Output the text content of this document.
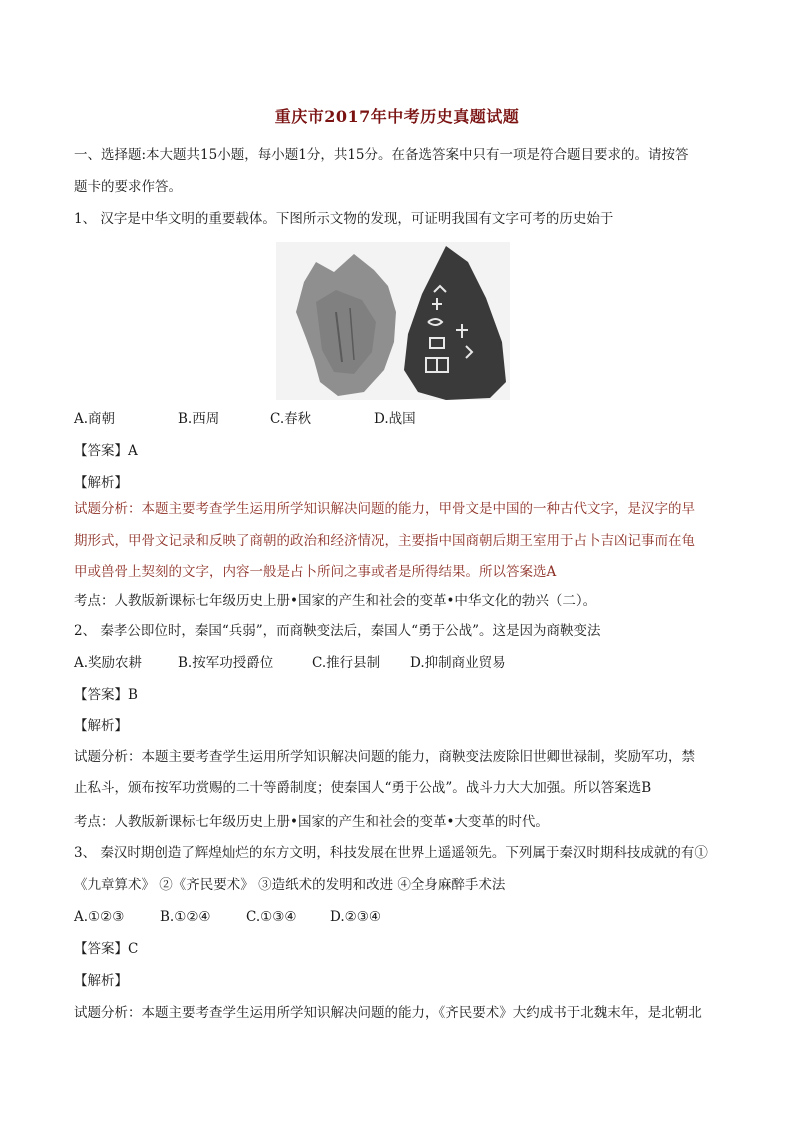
重庆市2017年中考历史真题试题
一、选择题:本大题共15小题，每小题1分，共15分。在备选答案中只有一项是符合题目要求的。请按答
题卡的要求作答。
1、 汉字是中华文明的重要载体。下图所示文物的发现，可证明我国有文字可考的历史始于
A.商朝	B.西周	C.春秋	D.战国
【答案】A
【解析】
试题分析：本题主要考查学生运用所学知识解决问题的能力，甲骨文是中国的一种古代文字，是汉字的早
期形式，甲骨文记录和反映了商朝的政治和经济情况，主要指中国商朝后期王室用于占卜吉凶记事而在龟
甲或兽骨上契刻的文字，内容一般是占卜所问之事或者是所得结果。所以答案选A
考点：人教版新课标七年级历史上册•国家的产生和社会的变革•中华文化的勃兴（二）。
2、 秦孝公即位时，秦国“兵弱”，而商鞅变法后，秦国人“勇于公战”。这是因为商鞅变法
A.奖励农耕	B.按军功授爵位	C.推行县制 D.抑制商业贸易
【答案】B
【解析】
试题分析：本题主要考查学生运用所学知识解决问题的能力，商鞅变法废除旧世卿世禄制，奖励军功，禁
止私斗，颁布按军功赏赐的二十等爵制度；使秦国人“勇于公战”。战斗力大大加强。所以答案选B
考点：人教版新课标七年级历史上册•国家的产生和社会的变革•大变革的时代。
3、 秦汉时期创造了辉煌灿烂的东方文明，科技发展在世界上遥遥领先。下列属于秦汉时期科技成就的有①
《九章算术》 ②《齐民要术》 ③造纸术的发明和改进 ④全身麻醉手术法
A.①②③	B.①②④	C.①③④ D.②③④
【答案】C
【解析】
试题分析：本题主要考查学生运用所学知识解决问题的能力，《齐民要术》大约成书于北魏末年，是北朝北
